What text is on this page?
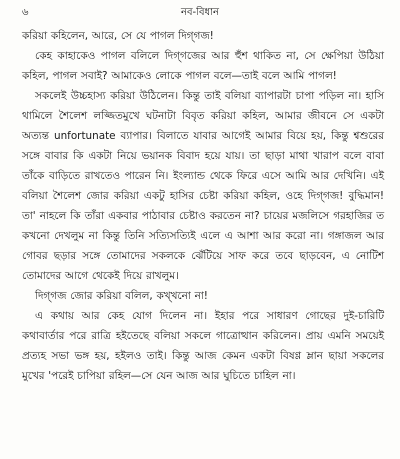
৬	নব-বিধান

করিয়া কহিলেন, আরে, সে যে পাগল দিগ্‌গজ!

কেহ কাহাকেও পাগল বলিলে দিগ্‌গজের আর হুঁশ থাকিত না, সে ক্ষেপিয়া উঠিয়া কহিল, পাগল সবাই? আমাকেও লোকে পাগল বলে—তাই বলে আমি পাগল!

সকলেই উচ্চহাস্য করিয়া উঠিলেন। কিন্তু তাই বলিয়া ব্যাপারটা চাপা পড়িল না। হাসি থামিলে শৈলেশ লজ্জিতমুখে ঘটনাটা বিবৃত করিয়া কহিল, আমার জীবনে সে একটা অত্যন্ত unfortunate ব্যাপার। বিলাতে যাবার আগেই আমার বিয়ে হয়, কিন্তু শ্বশুরের সঙ্গে বাবার কি একটা নিয়ে ভয়ানক বিবাদ হয়ে যায়। তা ছাড়া মাথা খারাপ বলে বাবা তাঁকে বাড়িতে রাখতেও পারেন নি। ইংল্যান্ড থেকে ফিরে এসে আমি আর দেখিনি। এই বলিয়া শৈলেশ জোর করিয়া একটু হাসির চেষ্টা করিয়া কহিল, ওহে দিগ্‌গজ! বুদ্ধিমান! তা' নাহলে কি তাঁরা একবার পাঠাবার চেষ্টাও করতেন না? চায়ের মজলিসে গরহাজির ত কখনো দেখলুম না কিন্তু তিনি সত্যিসত্যিই এলে এ আশা আর করো না। গঙ্গাজল আর গোবর ছড়ার সঙ্গে তোমাদের সকলকে ঝেঁটিয়ে সাফ করে তবে ছাড়বেন, এ নোটিশ তোমাদের আগে থেকেই দিয়ে রাখলুম।

দিগ্‌গজ জোর করিয়া বলিল, কখ্‌খনো না!

এ কথায় আর কেহ যোগ দিলেন না। ইহার পরে সাধারণ গোছের দুই-চারিটি কথাবার্তার পরে রাত্রি হইতেছে বলিয়া সকলে গাত্রোত্থান করিলেন। প্রায় এমনি সময়েই প্রত্যহ সভা ভঙ্গ হয়, হইলও তাই। কিন্তু আজ কেমন একটা বিষণ্ণ ম্লান ছায়া সকলের মুখের 'পরেই চাপিয়া রহিল—সে যেন আজ আর ঘুচিতে চাহিল না।
